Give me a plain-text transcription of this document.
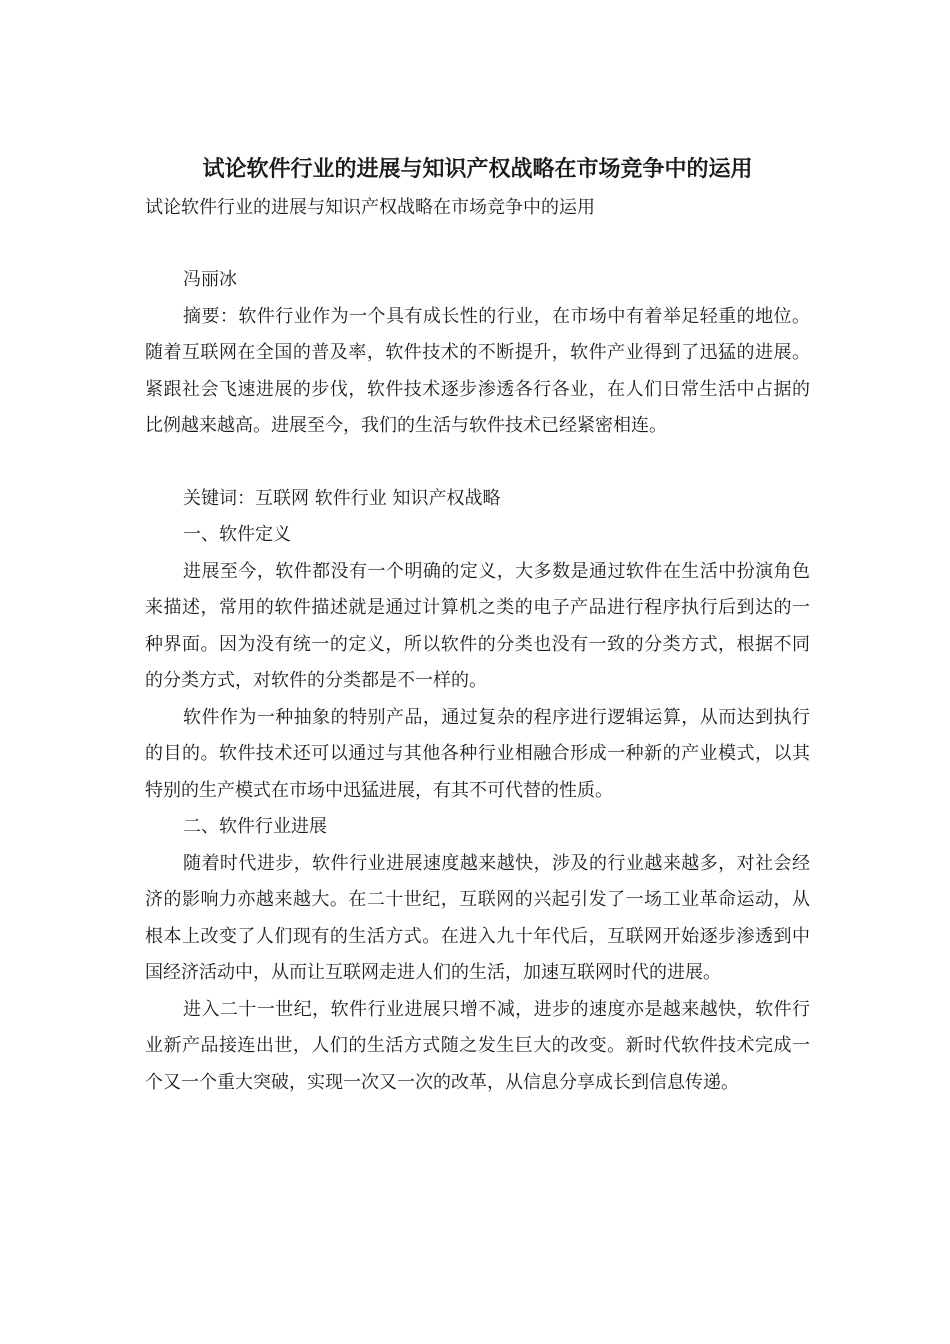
试论软件行业的进展与知识产权战略在市场竞争中的运用

试论软件行业的进展与知识产权战略在市场竞争中的运用

冯丽冰

摘要：软件行业作为一个具有成长性的行业，在市场中有着举足轻重的地位。随着互联网在全国的普及率，软件技术的不断提升，软件产业得到了迅猛的进展。紧跟社会飞速进展的步伐，软件技术逐步渗透各行各业，在人们日常生活中占据的比例越来越高。进展至今，我们的生活与软件技术已经紧密相连。

关键词：互联网 软件行业 知识产权战略

一、软件定义

进展至今，软件都没有一个明确的定义，大多数是通过软件在生活中扮演角色来描述，常用的软件描述就是通过计算机之类的电子产品进行程序执行后到达的一种界面。因为没有统一的定义，所以软件的分类也没有一致的分类方式，根据不同的分类方式，对软件的分类都是不一样的。

软件作为一种抽象的特别产品，通过复杂的程序进行逻辑运算，从而达到执行的目的。软件技术还可以通过与其他各种行业相融合形成一种新的产业模式，以其特别的生产模式在市场中迅猛进展，有其不可代替的性质。

二、软件行业进展

随着时代进步，软件行业进展速度越来越快，涉及的行业越来越多，对社会经济的影响力亦越来越大。在二十世纪，互联网的兴起引发了一场工业革命运动，从根本上改变了人们现有的生活方式。在进入九十年代后，互联网开始逐步渗透到中国经济活动中，从而让互联网走进人们的生活，加速互联网时代的进展。

进入二十一世纪，软件行业进展只增不减，进步的速度亦是越来越快，软件行业新产品接连出世，人们的生活方式随之发生巨大的改变。新时代软件技术完成一个又一个重大突破，实现一次又一次的改革，从信息分享成长到信息传递。
